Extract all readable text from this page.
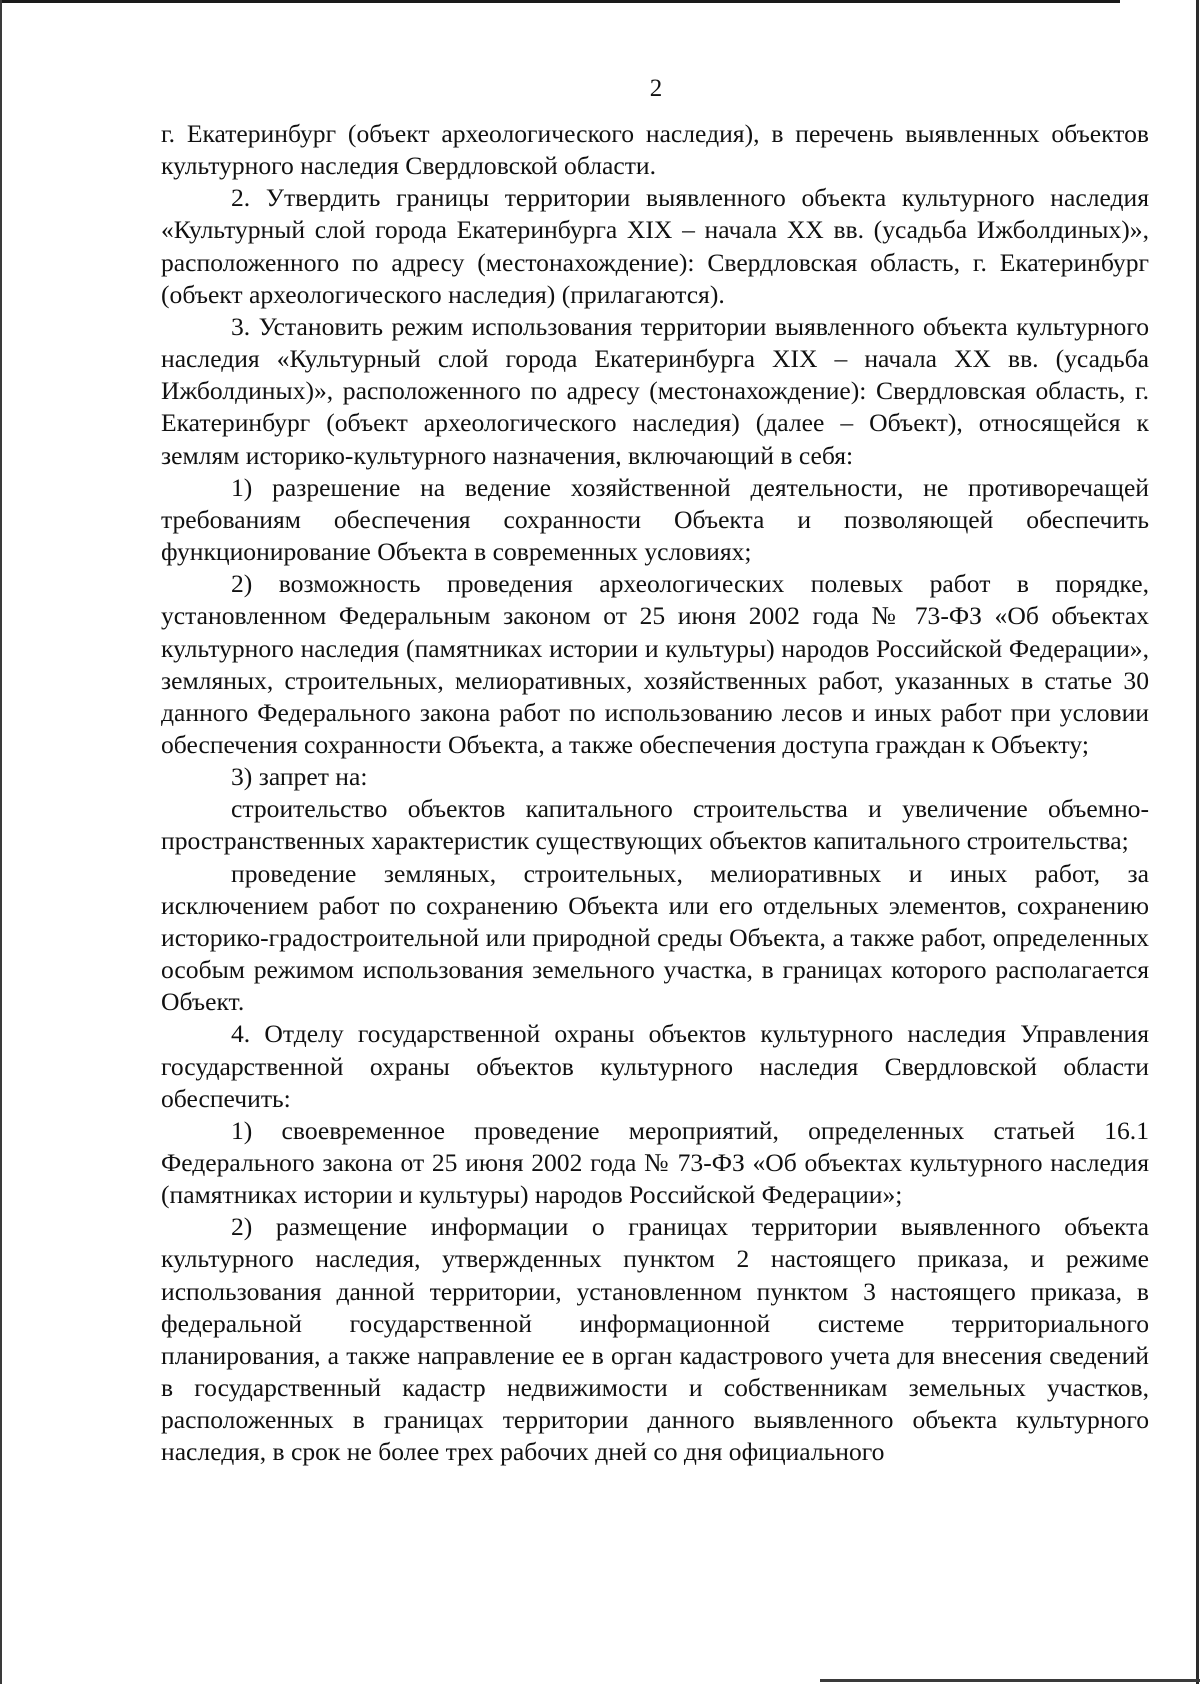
2

г. Екатеринбург (объект археологического наследия), в перечень выявленных объектов культурного наследия Свердловской области.

2. Утвердить границы территории выявленного объекта культурного наследия «Культурный слой города Екатеринбурга XIX – начала XX вв. (усадьба Ижболдиных)», расположенного по адресу (местонахождение): Свердловская область, г. Екатеринбург (объект археологического наследия) (прилагаются).

3. Установить режим использования территории выявленного объекта культурного наследия «Культурный слой города Екатеринбурга XIX – начала XX вв. (усадьба Ижболдиных)», расположенного по адресу (местонахождение): Свердловская область, г. Екатеринбург (объект археологического наследия) (далее – Объект), относящейся к землям историко-культурного назначения, включающий в себя:

1) разрешение на ведение хозяйственной деятельности, не противоречащей требованиям обеспечения сохранности Объекта и позволяющей обеспечить функционирование Объекта в современных условиях;

2) возможность проведения археологических полевых работ в порядке, установленном Федеральным законом от 25 июня 2002 года № 73-ФЗ «Об объектах культурного наследия (памятниках истории и культуры) народов Российской Федерации», земляных, строительных, мелиоративных, хозяйственных работ, указанных в статье 30 данного Федерального закона работ по использованию лесов и иных работ при условии обеспечения сохранности Объекта, а также обеспечения доступа граждан к Объекту;

3) запрет на:

строительство объектов капитального строительства и увеличение объемно-пространственных характеристик существующих объектов капитального строительства;

проведение земляных, строительных, мелиоративных и иных работ, за исключением работ по сохранению Объекта или его отдельных элементов, сохранению историко-градостроительной или природной среды Объекта, а также работ, определенных особым режимом использования земельного участка, в границах которого располагается Объект.

4. Отделу государственной охраны объектов культурного наследия Управления государственной охраны объектов культурного наследия Свердловской области обеспечить:

1) своевременное проведение мероприятий, определенных статьей 16.1 Федерального закона от 25 июня 2002 года № 73-ФЗ «Об объектах культурного наследия (памятниках истории и культуры) народов Российской Федерации»;

2) размещение информации о границах территории выявленного объекта культурного наследия, утвержденных пунктом 2 настоящего приказа, и режиме использования данной территории, установленном пунктом 3 настоящего приказа, в федеральной государственной информационной системе территориального планирования, а также направление ее в орган кадастрового учета для внесения сведений в государственный кадастр недвижимости и собственникам земельных участков, расположенных в границах территории данного выявленного объекта культурного наследия, в срок не более трех рабочих дней со дня официального
